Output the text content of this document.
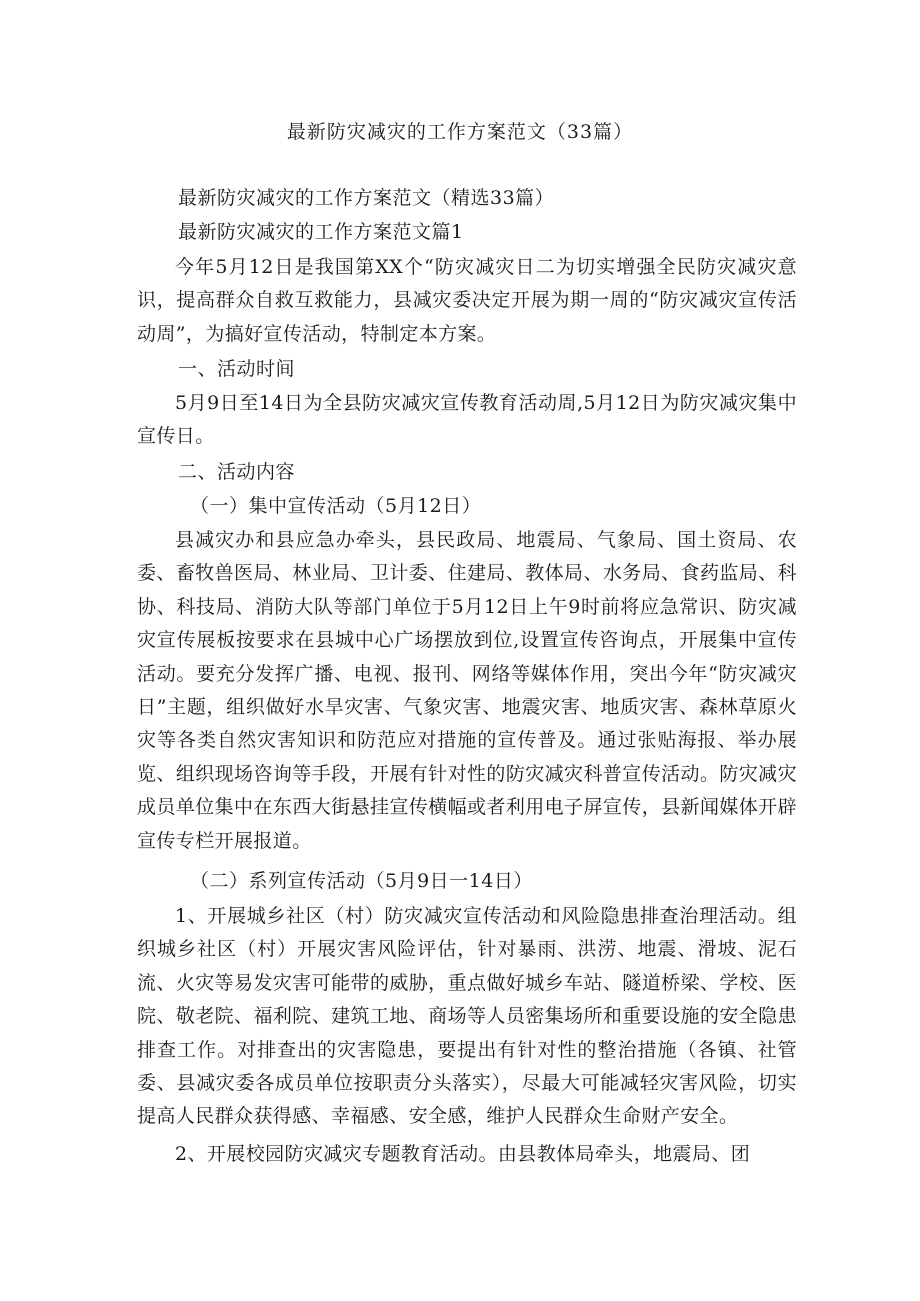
最新防灾减灾的工作方案范文（33篇）
最新防灾减灾的工作方案范文（精选33篇）
最新防灾减灾的工作方案范文篇1

今年5月12日是我国第XX个“防灾减灾日二为切实增强全民防灾减灾意识，提高群众自救互救能力，县减灾委决定开展为期一周的“防灾减灾宣传活动周”，为搞好宣传活动，特制定本方案。

一、活动时间

5月9日至14日为全县防灾减灾宣传教育活动周,5月12日为防灾减灾集中宣传日。

二、活动内容
（一）集中宣传活动（5月12日）

县减灾办和县应急办牵头，县民政局、地震局、气象局、国土资局、农委、畜牧兽医局、林业局、卫计委、住建局、教体局、水务局、食药监局、科协、科技局、消防大队等部门单位于5月12日上午9时前将应急常识、防灾减灾宣传展板按要求在县城中心广场摆放到位,设置宣传咨询点，开展集中宣传活动。要充分发挥广播、电视、报刊、网络等媒体作用，突出今年“防灾减灾日”主题，组织做好水旱灾害、气象灾害、地震灾害、地质灾害、森林草原火灾等各类自然灾害知识和防范应对措施的宣传普及。通过张贴海报、举办展览、组织现场咨询等手段，开展有针对性的防灾减灾科普宣传活动。防灾减灾成员单位集中在东西大街悬挂宣传横幅或者利用电子屏宣传，县新闻媒体开辟宣传专栏开展报道。

（二）系列宣传活动（5月9日一14日）

1、开展城乡社区（村）防灾减灾宣传活动和风险隐患排查治理活动。组织城乡社区（村）开展灾害风险评估，针对暴雨、洪涝、地震、滑坡、泥石流、火灾等易发灾害可能带的威胁，重点做好城乡车站、隧道桥梁、学校、医院、敬老院、福利院、建筑工地、商场等人员密集场所和重要设施的安全隐患排查工作。对排查出的灾害隐患，要提出有针对性的整治措施（各镇、社管委、县减灾委各成员单位按职责分头落实），尽最大可能减轻灾害风险，切实提高人民群众获得感、幸福感、安全感，维护人民群众生命财产安全。

2、开展校园防灾减灾专题教育活动。由县教体局牵头，地震局、团
